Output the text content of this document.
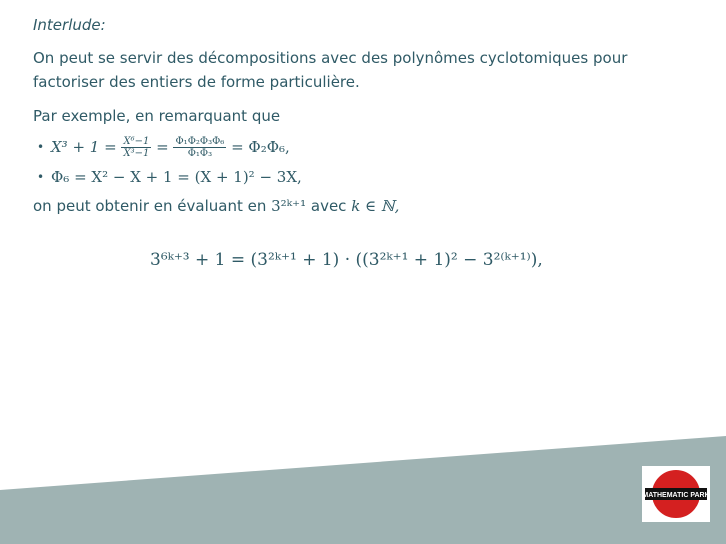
Interlude:

On peut se servir des décompositions avec des polynômes cyclotomiques pour factoriser des entiers de forme particulière.

Par exemple, en remarquant que

• $X^3 + 1 = \frac{\text{X⁶−1}}{\text{X³−1}} = \frac{\text{Φ₁Φ₂Φ₃Φ₆}}{\text{Φ₁Φ₃}} = \Phi_2\Phi_6$,
• Φ₆ = X² − X + 1 = (X + 1)² − 3X,

on peut obtenir en évaluant en 3²ᵏ⁺¹ avec k ∈ ℕ,

3⁶ᵏ⁺³ + 1 = (3²ᵏ⁺¹ + 1) · ((3²ᵏ⁺¹ + 1)² − 3²⁽ᵏ⁺¹⁾),
MATHEMATIC PARK
